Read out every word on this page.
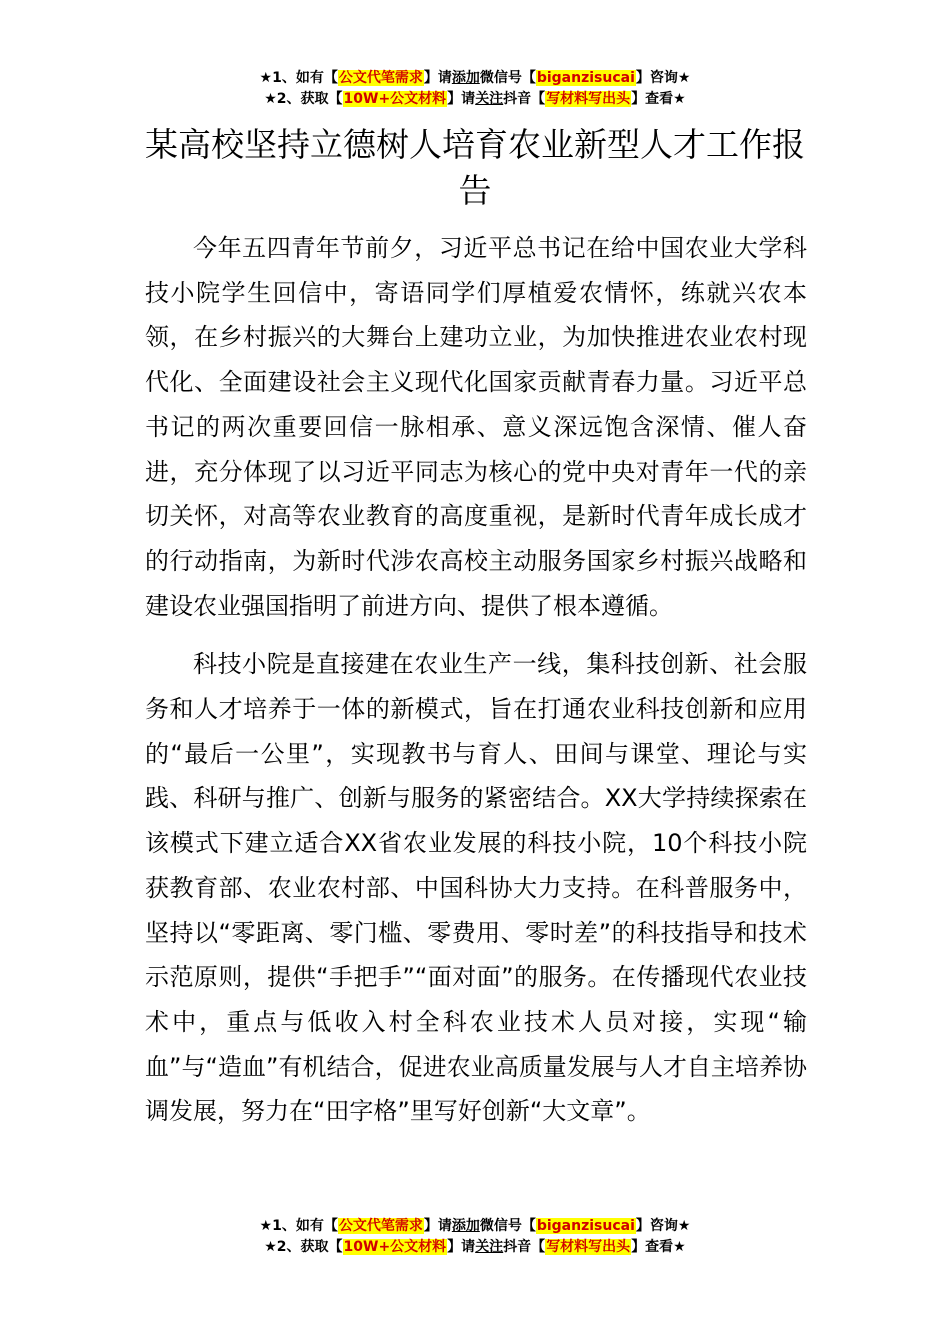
★1、如有【公文代笔需求】请添加微信号【biganzisucai】咨询★
★2、获取【10W+公文材料】请关注抖音【写材料写出头】查看★
某高校坚持立德树人培育农业新型人才工作报告

今年五四青年节前夕，习近平总书记在给中国农业大学科技小院学生回信中，寄语同学们厚植爱农情怀，练就兴农本领，在乡村振兴的大舞台上建功立业，为加快推进农业农村现代化、全面建设社会主义现代化国家贡献青春力量。习近平总书记的两次重要回信一脉相承、意义深远饱含深情、催人奋进，充分体现了以习近平同志为核心的党中央对青年一代的亲切关怀，对高等农业教育的高度重视，是新时代青年成长成才的行动指南，为新时代涉农高校主动服务国家乡村振兴战略和建设农业强国指明了前进方向、提供了根本遵循。

科技小院是直接建在农业生产一线，集科技创新、社会服务和人才培养于一体的新模式，旨在打通农业科技创新和应用的“最后一公里”，实现教书与育人、田间与课堂、理论与实践、科研与推广、创新与服务的紧密结合。XX大学持续探索在该模式下建立适合XX省农业发展的科技小院，10个科技小院获教育部、农业农村部、中国科协大力支持。在科普服务中，坚持以“零距离、零门槛、零费用、零时差”的科技指导和技术示范原则，提供“手把手”“面对面”的服务。在传播现代农业技术中，重点与低收入村全科农业技术人员对接，实现“输血”与“造血”有机结合，促进农业高质量发展与人才自主培养协调发展，努力在“田字格”里写好创新“大文章”。

★1、如有【公文代笔需求】请添加微信号【biganzisucai】咨询★
★2、获取【10W+公文材料】请关注抖音【写材料写出头】查看★
